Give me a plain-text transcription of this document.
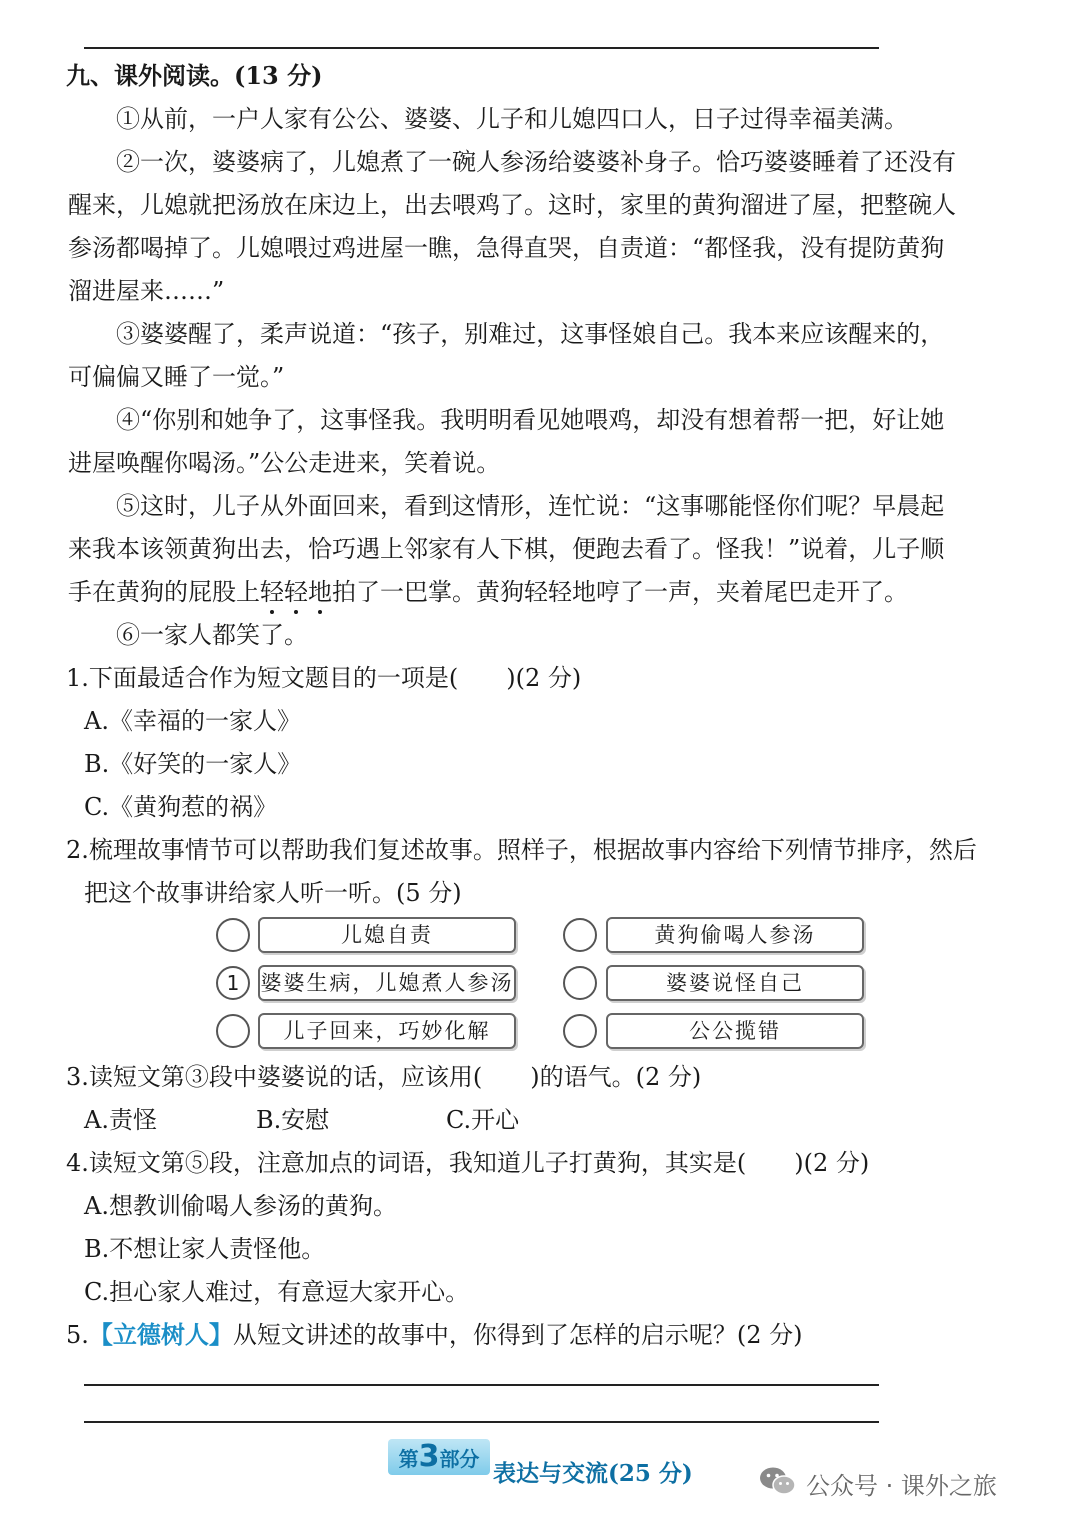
九、课外阅读。(13 分)
①从前，一户人家有公公、婆婆、儿子和儿媳四口人，日子过得幸福美满。
②一次，婆婆病了，儿媳煮了一碗人参汤给婆婆补身子。恰巧婆婆睡着了还没有
醒来，儿媳就把汤放在床边上，出去喂鸡了。这时，家里的黄狗溜进了屋，把整碗人
参汤都喝掉了。儿媳喂过鸡进屋一瞧，急得直哭，自责道：“都怪我，没有提防黄狗
溜进屋来……”
③婆婆醒了，柔声说道：“孩子，别难过，这事怪娘自己。我本来应该醒来的，
可偏偏又睡了一觉。”
④“你别和她争了，这事怪我。我明明看见她喂鸡，却没有想着帮一把，好让她
进屋唤醒你喝汤。”公公走进来，笑着说。
⑤这时，儿子从外面回来，看到这情形，连忙说：“这事哪能怪你们呢？早晨起
来我本该领黄狗出去，恰巧遇上邻家有人下棋，便跑去看了。怪我！”说着，儿子顺
手在黄狗的屁股上轻轻地拍了一巴掌。黄狗轻轻地哼了一声，夹着尾巴走开了。
⑥一家人都笑了。
1.下面最适合作为短文题目的一项是(　　)(2 分)
A.《幸福的一家人》
B.《好笑的一家人》
C.《黄狗惹的祸》
2.梳理故事情节可以帮助我们复述故事。照样子，根据故事内容给下列情节排序，然后
把这个故事讲给家人听一听。(5 分)
儿媳自责	黄狗偷喝人参汤
1	婆婆生病，儿媳煮人参汤	婆婆说怪自己
儿子回来，巧妙化解	公公揽错
3.读短文第③段中婆婆说的话，应该用(　　)的语气。(2 分)
A.责怪	B.安慰	C.开心
4.读短文第⑤段，注意加点的词语，我知道儿子打黄狗，其实是(　　)(2 分)
A.想教训偷喝人参汤的黄狗。
B.不想让家人责怪他。
C.担心家人难过，有意逗大家开心。
5.【立德树人】从短文讲述的故事中，你得到了怎样的启示呢？(2 分)
第3部分
表达与交流(25 分)	公众号 · 课外之旅
